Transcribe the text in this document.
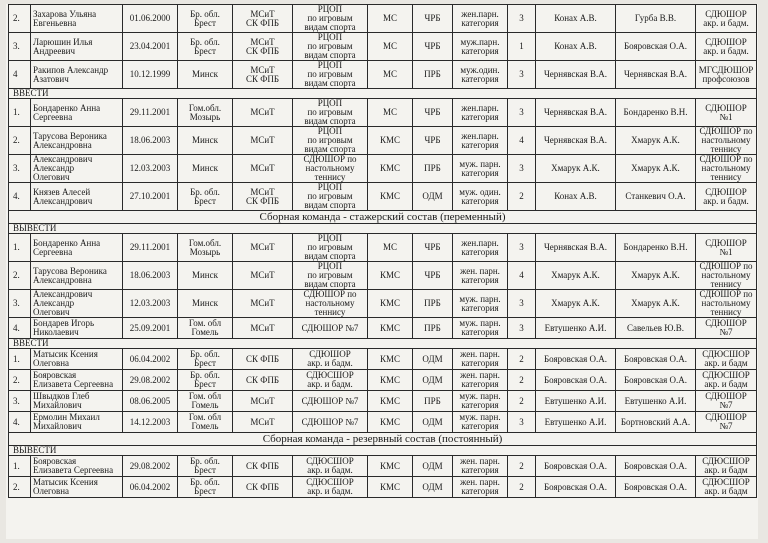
2.	Захарова Ульяна
Евгеньевна	01.06.2000	Бр. обл.
Брест	МСиТ
СК ФПБ	РЦОП
по игровым
видам спорта	МС	ЧРБ	жен.парн.
категория	3	Конах А.В.	Гурба В.В.	СДЮШОР
акр. и бадм.
3.	Ларюшин Илья
Андреевич	23.04.2001	Бр. обл.
Брест	МСиТ
СК ФПБ	РЦОП
по игровым
видам спорта	МС	ЧРБ	муж.парн.
категория	1	Конах А.В.	Бояровская О.А.	СДЮШОР
акр. и бадм.
4	Ракипов Александр
Азатович	10.12.1999	Минск	МСиТ
СК ФПБ	РЦОП
по игровым
видам спорта	МС	ПРБ	муж.один.
категория	3	Чернявская В.А.	Чернявская В.А.	МГСДЮШОР
профсоюзов
ВВЕСТИ												
1.	Бондаренко Анна
Сергеевна	29.11.2001	Гом.обл.
Мозырь	МСиТ	РЦОП
по игровым
видам спорта	МС	ЧРБ	жен.парн.
категория	3	Чернявская В.А.	Бондаренко В.Н.	СДЮШОР №1
2.	Тарусова Вероника
Александровна	18.06.2003	Минск	МСиТ	РЦОП
по игровым
видам спорта	КМС	ЧРБ	жен.парн.
категория	4	Чернявская В.А.	Хмарук А.К.	СДЮШОР по
настольному
теннису
3.	Александрович
Александр
Олегович	12.03.2003	Минск	МСиТ	СДЮШОР по
настольному
теннису	КМС	ПРБ	муж. парн.
категория	3	Хмарук А.К.	Хмарук А.К.	СДЮШОР по
настольному
теннису
4.	Князев Алесей
Александрович	27.10.2001	Бр. обл.
Брест	МСиТ
СК ФПБ	РЦОП
по игровым
видам спорта	КМС	ОДМ	муж. один.
категория	2	Конах А.В.	Станкевич О.А.	СДЮШОР
акр. и бадм.
Сборная команда - стажерский состав (переменный)												
ВЫВЕСТИ												
1.	Бондаренко Анна
Сергеевна	29.11.2001	Гом.обл.
Мозырь	МСиТ	РЦОП
по игровым
видам спорта	МС	ЧРБ	жен.парн.
категория	3	Чернявская В.А.	Бондаренко В.Н.	СДЮШОР №1
2.	Тарусова Вероника
Александровна	18.06.2003	Минск	МСиТ	РЦОП
по игровым
видам спорта	КМС	ЧРБ	жен. парн.
категория	4	Хмарук А.К.	Хмарук А.К.	СДЮШОР по
настольному
теннису
3.	Александрович
Александр
Олегович	12.03.2003	Минск	МСиТ	СДЮШОР по
настольному
теннису	КМС	ПРБ	муж. парн.
категория	3	Хмарук А.К.	Хмарук А.К.	СДЮШОР по
настольному
теннису
4.	Бондарев Игорь
Николаевич	25.09.2001	Гом. обл
Гомель	МСиТ	СДЮШОР №7	КМС	ПРБ	муж. парн.
категория	3	Евтушенко А.И.	Савельев Ю.В.	СДЮШОР №7
ВВЕСТИ												
1.	Матысик Ксения
Олеговна	06.04.2002	Бр. обл.
Брест	СК ФПБ	СДЮШОР
акр. и бадм.	КМС	ОДМ	жен. парн.
категория	2	Бояровская О.А.	Бояровская О.А.	СДЮСШОР
акр. и бадм
2.	Бояровская
Елизавета Сергеевна	29.08.2002	Бр. обл.
Брест	СК ФПБ	СДЮСШОР
акр. и бадм.	КМС	ОДМ	жен. парн.
категория	2	Бояровская О.А.	Бояровская О.А.	СДЮСШОР
акр. и бадм
3.	Швыдков Глеб
Михайлович	08.06.2005	Гом. обл
Гомель	МСиТ	СДЮШОР №7	КМС	ПРБ	муж. парн.
категория	2	Евтушенко А.И.	Евтушенко А.И.	СДЮШОР №7
4.	Ермолин Михаил
Михайлович	14.12.2003	Гом. обл
Гомель	МСиТ	СДЮШОР №7	КМС	ОДМ	муж. парн.
категория	3	Евтушенко А.И.	Бортновский А.А.	СДЮШОР №7
Сборная команда - резервный состав (постоянный)												
ВЫВЕСТИ												
1.	Бояровская
Елизавета Сергеевна	29.08.2002	Бр. обл.
Брест	СК ФПБ	СДЮСШОР
акр. и бадм.	КМС	ОДМ	жен. парн.
категория	2	Бояровская О.А.	Бояровская О.А.	СДЮСШОР
акр. и бадм
2.	Матысик Ксения
Олеговна	06.04.2002	Бр. обл.
Брест	СК ФПБ	СДЮСШОР
акр. и бадм.	КМС	ОДМ	жен. парн.
категория	2	Бояровская О.А.	Бояровская О.А.	СДЮСШОР
акр. и бадм
